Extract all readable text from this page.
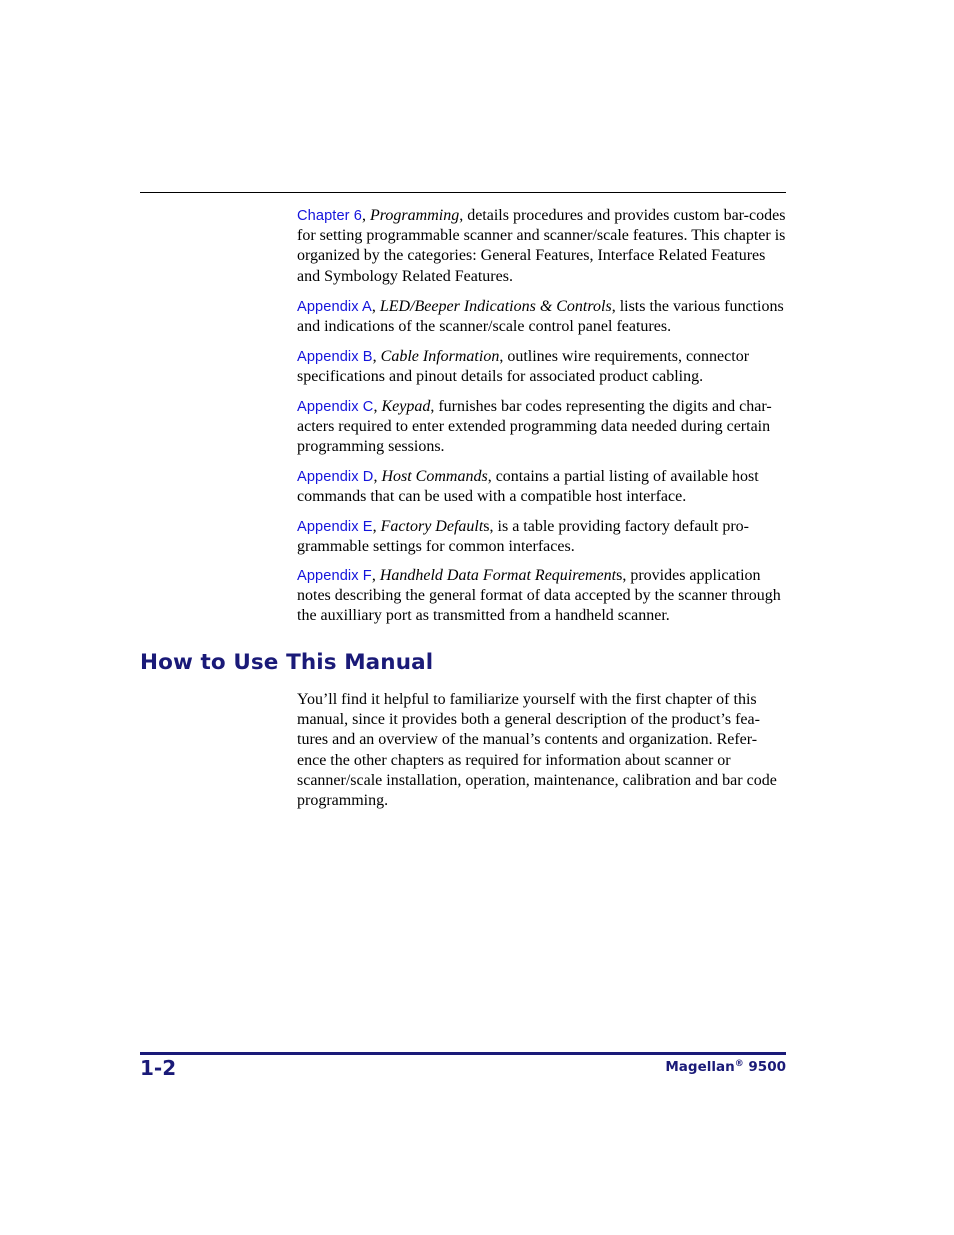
Chapter 6, Programming, details procedures and provides custom bar-codes for setting programmable scanner and scanner/scale features. This chapter is organized by the categories: General Features, Interface Related Features and Symbology Related Features.

Appendix A, LED/Beeper Indications & Controls, lists the various functions and indications of the scanner/scale control panel features.

Appendix B, Cable Information, outlines wire requirements, connector specifications and pinout details for associated product cabling.

Appendix C, Keypad, furnishes bar codes representing the digits and char-acters required to enter extended programming data needed during certain programming sessions.

Appendix D, Host Commands, contains a partial listing of available host commands that can be used with a compatible host interface.

Appendix E, Factory Defaults, is a table providing factory default pro-grammable settings for common interfaces.

Appendix F, Handheld Data Format Requirements, provides application notes describing the general format of data accepted by the scanner through the auxilliary port as transmitted from a handheld scanner.

How to Use This Manual

You’ll find it helpful to familiarize yourself with the first chapter of this manual, since it provides both a general description of the product’s fea-tures and an overview of the manual’s contents and organization. Refer-ence the other chapters as required for information about scanner or scanner/scale installation, operation, maintenance, calibration and bar code programming.

1-2	Magellan® 9500
